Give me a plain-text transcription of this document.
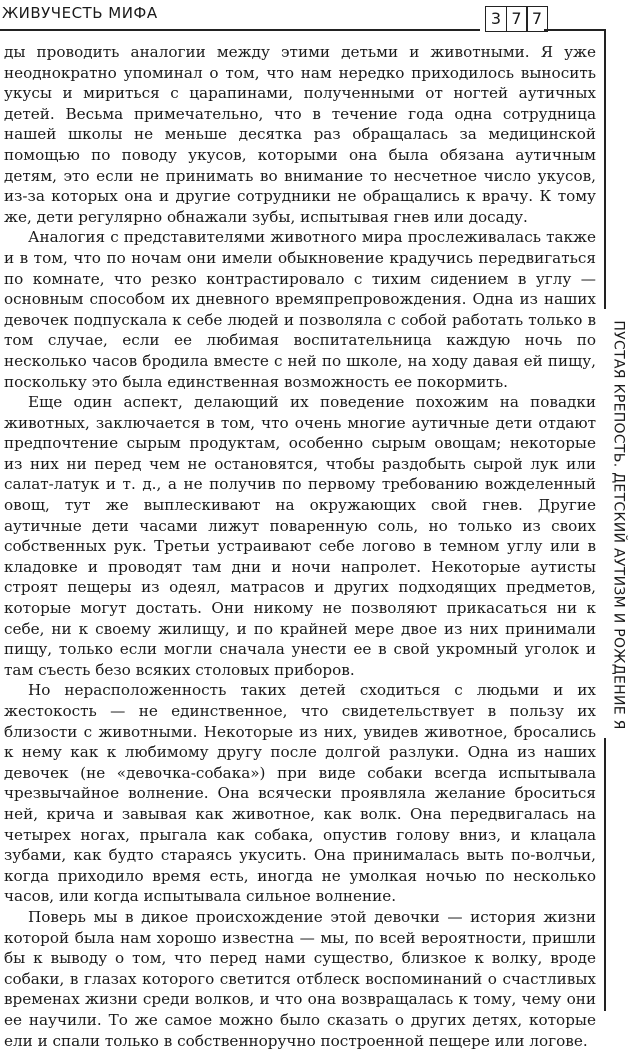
ЖИВУЧЕСТЬ МИФА	3 7 7
ПУСТАЯ КРЕПОСТЬ. ДЕТСКИЙ АУТИЗМ И РОЖДЕНИЕ Я

ды проводить аналогии между этими детьми и животными. Я уже неоднократно упоминал о том, что нам нередко приходилось выносить укусы и мириться с царапинами, полученными от ногтей аутичных детей. Весьма примечательно, что в течение года одна сотрудница нашей школы не меньше десятка раз обращалась за медицинской помощью по поводу укусов, которыми она была обязана аутичным детям, это если не принимать во внимание то несчетное число укусов, из-за которых она и другие сотрудники не обращались к врачу. К тому же, дети регулярно обнажали зубы, испытывая гнев или досаду.

Аналогия с представителями животного мира прослеживалась также и в том, что по ночам они имели обыкновение крадучись передвигаться по комнате, что резко контрастировало с тихим сидением в углу — основным способом их дневного времяпрепровождения. Одна из наших девочек подпускала к себе людей и позволяла с собой работать только в том случае, если ее любимая воспитательница каждую ночь по несколько часов бродила вместе с ней по школе, на ходу давая ей пищу, поскольку это была единственная возможность ее покормить.

Еще один аспект, делающий их поведение похожим на повадки животных, заключается в том, что очень многие аутичные дети отдают предпочтение сырым продуктам, особенно сырым овощам; некоторые из них ни перед чем не остановятся, чтобы раздобыть сырой лук или салат-латук и т. д., а не получив по первому требованию вожделенный овощ, тут же выплескивают на окружающих свой гнев. Другие аутичные дети часами лижут поваренную соль, но только из своих собственных рук. Третьи устраивают себе логово в темном углу или в кладовке и проводят там дни и ночи напролет. Некоторые аутисты строят пещеры из одеял, матрасов и других подходящих предметов, которые могут достать. Они никому не позволяют прикасаться ни к себе, ни к своему жилищу, и по крайней мере двое из них принимали пищу, только если могли сначала унести ее в свой укромный уголок и там съесть безо всяких столовых приборов.

Но нерасположенность таких детей сходиться с людьми и их жестокость — не единственное, что свидетельствует в пользу их близости с животными. Некоторые из них, увидев животное, бросались к нему как к любимому другу после долгой разлуки. Одна из наших девочек (не «девочка-собака») при виде собаки всегда испытывала чрезвычайное волнение. Она всячески проявляла желание броситься ней, крича и завывая как животное, как волк. Она передвигалась на четырех ногах, прыгала как собака, опустив голову вниз, и клацала зубами, как будто стараясь укусить. Она принималась выть по-волчьи, когда приходило время есть, иногда не умолкая ночью по несколько часов, или когда испытывала сильное волнение.

Поверь мы в дикое происхождение этой девочки — история жизни которой была нам хорошо известна — мы, по всей вероятности, пришли бы к выводу о том, что перед нами существо, близкое к волку, вроде собаки, в глазах которого светится отблеск воспоминаний о счастливых временах жизни среди волков, и что она возвращалась к тому, чему они ее научили. То же самое можно было сказать о других детях, которые ели и спали только в собственноручно построенной пещере или логове.
